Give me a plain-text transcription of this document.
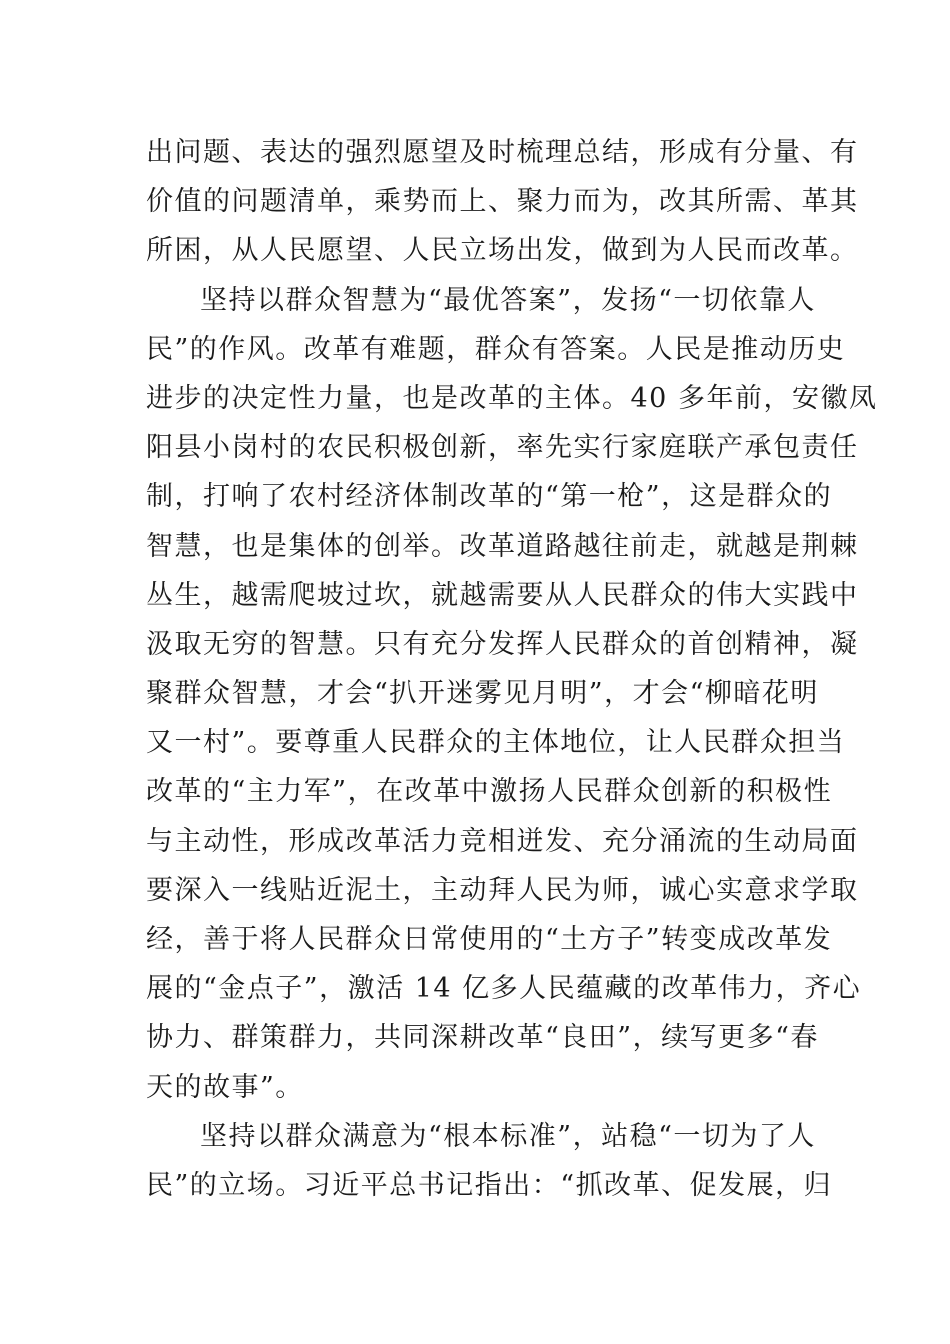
出问题、表达的强烈愿望及时梳理总结，形成有分量、有
价值的问题清单，乘势而上、聚力而为，改其所需、革其
所困，从人民愿望、人民立场出发，做到为人民而改革。
坚持以群众智慧为“最优答案”，发扬“一切依靠人
民”的作风。改革有难题，群众有答案。人民是推动历史
进步的决定性力量，也是改革的主体。40 多年前，安徽凤
阳县小岗村的农民积极创新，率先实行家庭联产承包责任
制，打响了农村经济体制改革的“第一枪”，这是群众的
智慧，也是集体的创举。改革道路越往前走，就越是荆棘
丛生，越需爬坡过坎，就越需要从人民群众的伟大实践中
汲取无穷的智慧。只有充分发挥人民群众的首创精神，凝
聚群众智慧，才会“扒开迷雾见月明”，才会“柳暗花明
又一村”。要尊重人民群众的主体地位，让人民群众担当
改革的“主力军”，在改革中激扬人民群众创新的积极性
与主动性，形成改革活力竞相迸发、充分涌流的生动局面
要深入一线贴近泥土，主动拜人民为师，诚心实意求学取
经，善于将人民群众日常使用的“土方子”转变成改革发
展的“金点子”，激活 14 亿多人民蕴藏的改革伟力，齐心
协力、群策群力，共同深耕改革“良田”，续写更多“春
天的故事”。
坚持以群众满意为“根本标准”，站稳“一切为了人
民”的立场。习近平总书记指出：“抓改革、促发展，归
